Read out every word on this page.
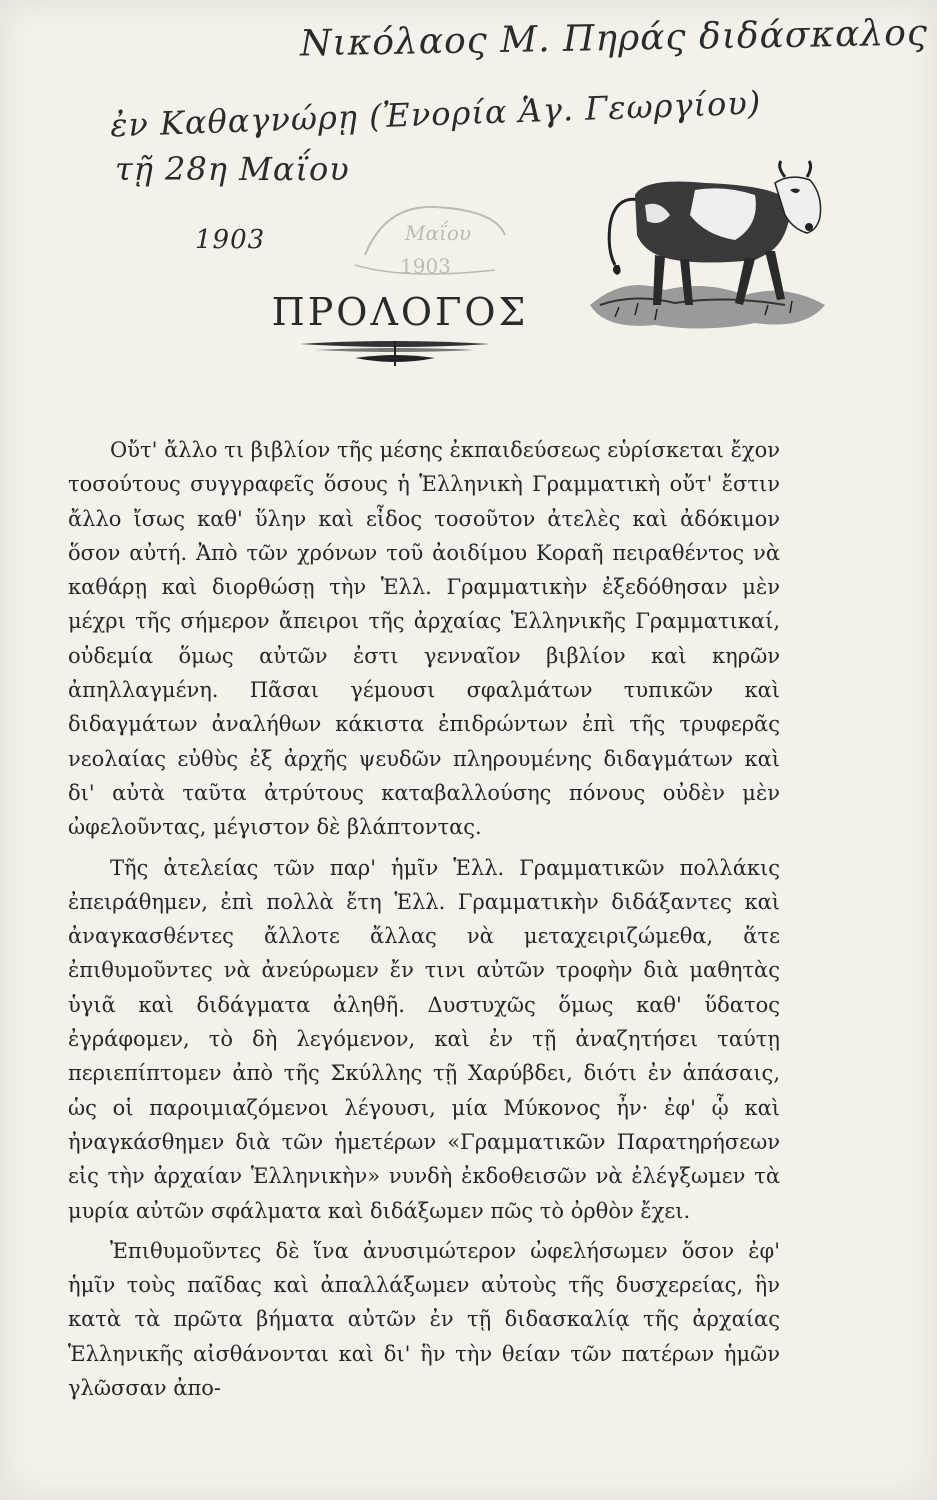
Νικόλαος Μ. Πηράς διδάσκαλος
ἐν Καθαγνώρῃ (Ἐνορία Ἁγ. Γεωργίου)
τῇ 28η Μαΐου
1903	Μαΐου
1903
ΠΡΟΛΟΓΟΣ

Οὔτ' ἄλλο τι βιβλίον τῆς μέσης ἐκπαιδεύσεως εὑρίσκεται ἔχον τοσούτους συγγραφεῖς ὅσους ἡ Ἑλληνικὴ Γραμματικὴ οὔτ' ἔστιν ἄλλο ἴσως καθ' ὕλην καὶ εἶδος τοσοῦτον ἀτελὲς καὶ ἀδόκιμον ὅσον αὐτή. Ἀπὸ τῶν χρόνων τοῦ ἀοιδίμου Κοραῆ πειραθέντος νὰ καθάρῃ καὶ διορθώσῃ τὴν Ἑλλ. Γραμματικὴν ἐξεδόθησαν μὲν μέχρι τῆς σήμερον ἄπειροι τῆς ἀρχαίας Ἑλληνικῆς Γραμματικαί, οὐδεμία ὅμως αὐτῶν ἐστι γενναῖον βιβλίον καὶ κηρῶν ἀπηλλαγμένη. Πᾶσαι γέμουσι σφαλμάτων τυπικῶν καὶ διδαγμάτων ἀναλήθων κάκιστα ἐπιδρώντων ἐπὶ τῆς τρυφερᾶς νεολαίας εὐθὺς ἐξ ἀρχῆς ψευδῶν πληρουμένης διδαγμάτων καὶ δι' αὐτὰ ταῦτα ἀτρύτους καταβαλλούσης πόνους οὐδὲν μὲν ὠφελοῦντας, μέγιστον δὲ βλάπτοντας.

Τῆς ἀτελείας τῶν παρ' ἡμῖν Ἑλλ. Γραμματικῶν πολλάκις ἐπειράθημεν, ἐπὶ πολλὰ ἔτη Ἑλλ. Γραμματικὴν διδάξαντες καὶ ἀναγκασθέντες ἄλλοτε ἄλλας νὰ μεταχειριζώμεθα, ἅτε ἐπιθυμοῦντες νὰ ἀνεύρωμεν ἔν τινι αὐτῶν τροφὴν διὰ μαθητὰς ὑγιᾶ καὶ διδάγματα ἀληθῆ. Δυστυχῶς ὅμως καθ' ὕδατος ἐγράφομεν, τὸ δὴ λεγόμενον, καὶ ἐν τῇ ἀναζητήσει ταύτῃ περιεπίπτομεν ἀπὸ τῆς Σκύλλης τῇ Χαρύβδει, διότι ἐν ἁπάσαις, ὡς οἱ παροιμιαζόμενοι λέγουσι, μία Μύκονος ἦν· ἐφ' ᾧ καὶ ἠναγκάσθημεν διὰ τῶν ἡμετέρων «Γραμματικῶν Παρατηρήσεων εἰς τὴν ἀρχαίαν Ἑλληνικὴν» νυνδὴ ἐκδοθεισῶν νὰ ἐλέγξωμεν τὰ μυρία αὐτῶν σφάλματα καὶ διδάξωμεν πῶς τὸ ὀρθὸν ἔχει.

Ἐπιθυμοῦντες δὲ ἵνα ἀνυσιμώτερον ὠφελήσωμεν ὅσον ἐφ' ἡμῖν τοὺς παῖδας καὶ ἀπαλλάξωμεν αὐτοὺς τῆς δυσχερείας, ἣν κατὰ τὰ πρῶτα βήματα αὐτῶν ἐν τῇ διδασκαλίᾳ τῆς ἀρχαίας Ἑλληνικῆς αἰσθάνονται καὶ δι' ἣν τὴν θείαν τῶν πατέρων ἡμῶν γλῶσσαν ἀπο-
